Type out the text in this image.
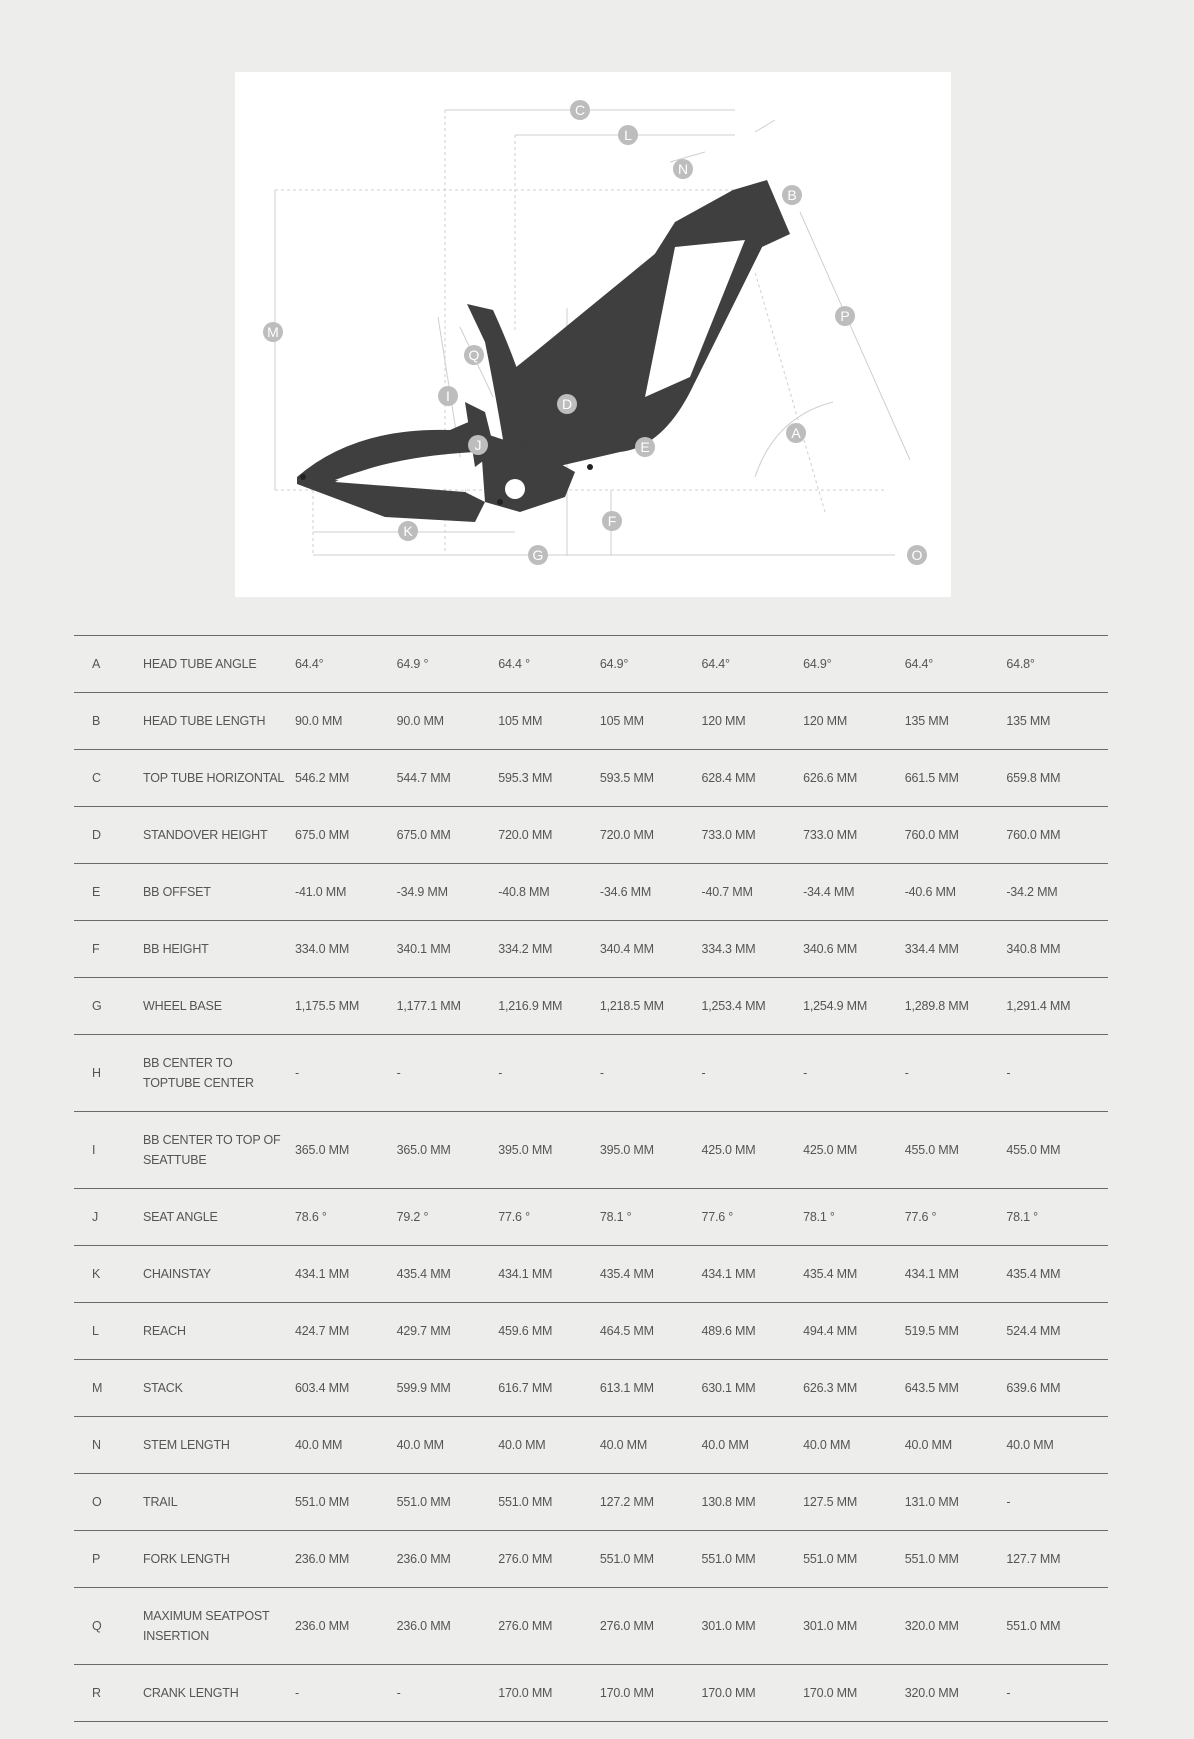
C
L
N
B
M
P
Q
I	D
A
J	E
F
K
G	O
A	HEAD TUBE ANGLE	64.4°	64.9 °	64.4 °	64.9°	64.4°	64.9°	64.4°	64.8°
B	HEAD TUBE LENGTH	90.0 MM	90.0 MM	105 MM	105 MM	120 MM	120 MM	135 MM	135 MM
C	TOP TUBE HORIZONTAL	546.2 MM	544.7 MM	595.3 MM	593.5 MM	628.4 MM	626.6 MM	661.5 MM	659.8 MM
D	STANDOVER HEIGHT	675.0 MM	675.0 MM	720.0 MM	720.0 MM	733.0 MM	733.0 MM	760.0 MM	760.0 MM
E	BB OFFSET	-41.0 MM	-34.9 MM	-40.8 MM	-34.6 MM	-40.7 MM	-34.4 MM	-40.6 MM	-34.2 MM
F	BB HEIGHT	334.0 MM	340.1 MM	334.2 MM	340.4 MM	334.3 MM	340.6 MM	334.4 MM	340.8 MM
G	WHEEL BASE	1,175.5 MM	1,177.1 MM	1,216.9 MM	1,218.5 MM	1,253.4 MM	1,254.9 MM	1,289.8 MM	1,291.4 MM
H	BB CENTER TO TOPTUBE CENTER	-	-	-	-	-	-	-	-
I	BB CENTER TO TOP OF SEATTUBE	365.0 MM	365.0 MM	395.0 MM	395.0 MM	425.0 MM	425.0 MM	455.0 MM	455.0 MM
J	SEAT ANGLE	78.6 °	79.2 °	77.6 °	78.1 °	77.6 °	78.1 °	77.6 °	78.1 °
K	CHAINSTAY	434.1 MM	435.4 MM	434.1 MM	435.4 MM	434.1 MM	435.4 MM	434.1 MM	435.4 MM
L	REACH	424.7 MM	429.7 MM	459.6 MM	464.5 MM	489.6 MM	494.4 MM	519.5 MM	524.4 MM
M	STACK	603.4 MM	599.9 MM	616.7 MM	613.1 MM	630.1 MM	626.3 MM	643.5 MM	639.6 MM
N	STEM LENGTH	40.0 MM	40.0 MM	40.0 MM	40.0 MM	40.0 MM	40.0 MM	40.0 MM	40.0 MM
O	TRAIL	551.0 MM	551.0 MM	551.0 MM	127.2 MM	130.8 MM	127.5 MM	131.0 MM	-
P	FORK LENGTH	236.0 MM	236.0 MM	276.0 MM	551.0 MM	551.0 MM	551.0 MM	551.0 MM	127.7 MM
Q	MAXIMUM SEATPOST INSERTION	236.0 MM	236.0 MM	276.0 MM	276.0 MM	301.0 MM	301.0 MM	320.0 MM	551.0 MM
R	CRANK LENGTH	-	-	170.0 MM	170.0 MM	170.0 MM	170.0 MM	320.0 MM	-
